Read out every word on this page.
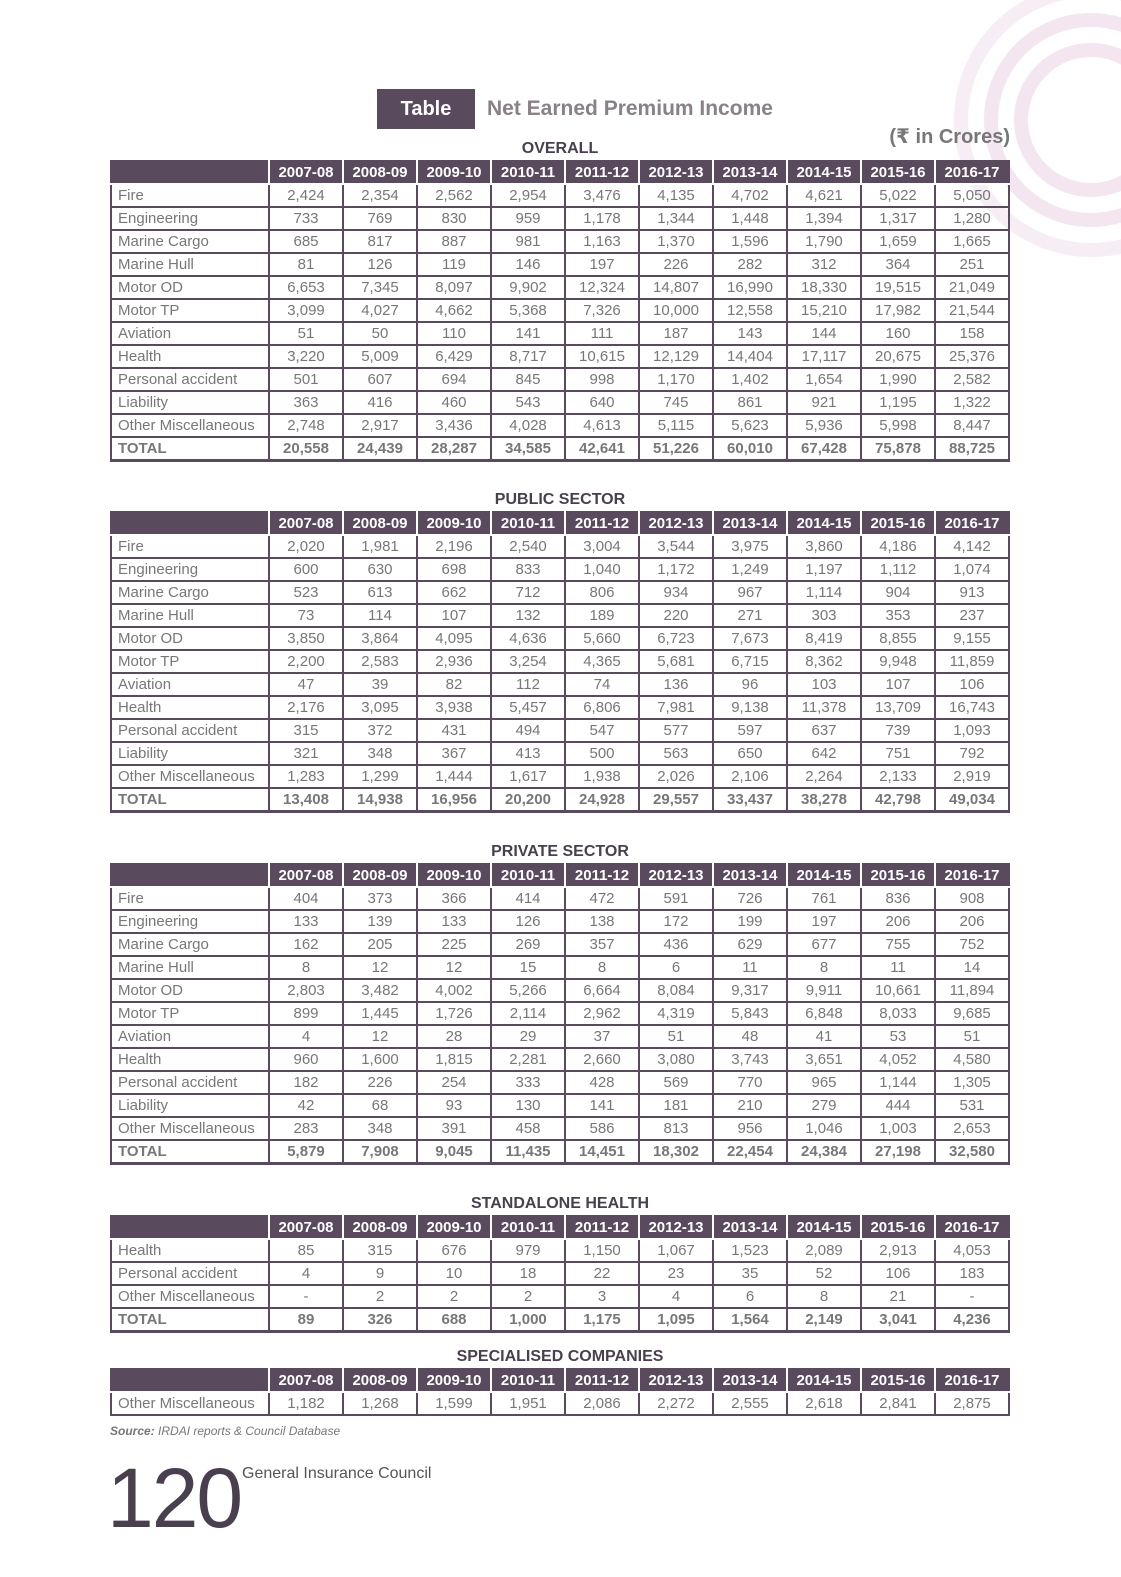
Table 11
Net Earned Premium Income
(₹ in Crores)
OVERALL
	2007-08	2008-09	2009-10	2010-11	2011-12	2012-13	2013-14	2014-15	2015-16	2016-17
Fire	2,424	2,354	2,562	2,954	3,476	4,135	4,702	4,621	5,022	5,050
Engineering	733	769	830	959	1,178	1,344	1,448	1,394	1,317	1,280
Marine Cargo	685	817	887	981	1,163	1,370	1,596	1,790	1,659	1,665
Marine Hull	81	126	119	146	197	226	282	312	364	251
Motor OD	6,653	7,345	8,097	9,902	12,324	14,807	16,990	18,330	19,515	21,049
Motor TP	3,099	4,027	4,662	5,368	7,326	10,000	12,558	15,210	17,982	21,544
Aviation	51	50	110	141	111	187	143	144	160	158
Health	3,220	5,009	6,429	8,717	10,615	12,129	14,404	17,117	20,675	25,376
Personal accident	501	607	694	845	998	1,170	1,402	1,654	1,990	2,582
Liability	363	416	460	543	640	745	861	921	1,195	1,322
Other Miscellaneous	2,748	2,917	3,436	4,028	4,613	5,115	5,623	5,936	5,998	8,447
TOTAL	20,558	24,439	28,287	34,585	42,641	51,226	60,010	67,428	75,878	88,725
PUBLIC SECTOR
	2007-08	2008-09	2009-10	2010-11	2011-12	2012-13	2013-14	2014-15	2015-16	2016-17
Fire	2,020	1,981	2,196	2,540	3,004	3,544	3,975	3,860	4,186	4,142
Engineering	600	630	698	833	1,040	1,172	1,249	1,197	1,112	1,074
Marine Cargo	523	613	662	712	806	934	967	1,114	904	913
Marine Hull	73	114	107	132	189	220	271	303	353	237
Motor OD	3,850	3,864	4,095	4,636	5,660	6,723	7,673	8,419	8,855	9,155
Motor TP	2,200	2,583	2,936	3,254	4,365	5,681	6,715	8,362	9,948	11,859
Aviation	47	39	82	112	74	136	96	103	107	106
Health	2,176	3,095	3,938	5,457	6,806	7,981	9,138	11,378	13,709	16,743
Personal accident	315	372	431	494	547	577	597	637	739	1,093
Liability	321	348	367	413	500	563	650	642	751	792
Other Miscellaneous	1,283	1,299	1,444	1,617	1,938	2,026	2,106	2,264	2,133	2,919
TOTAL	13,408	14,938	16,956	20,200	24,928	29,557	33,437	38,278	42,798	49,034
PRIVATE SECTOR
	2007-08	2008-09	2009-10	2010-11	2011-12	2012-13	2013-14	2014-15	2015-16	2016-17
Fire	404	373	366	414	472	591	726	761	836	908
Engineering	133	139	133	126	138	172	199	197	206	206
Marine Cargo	162	205	225	269	357	436	629	677	755	752
Marine Hull	8	12	12	15	8	6	11	8	11	14
Motor OD	2,803	3,482	4,002	5,266	6,664	8,084	9,317	9,911	10,661	11,894
Motor TP	899	1,445	1,726	2,114	2,962	4,319	5,843	6,848	8,033	9,685
Aviation	4	12	28	29	37	51	48	41	53	51
Health	960	1,600	1,815	2,281	2,660	3,080	3,743	3,651	4,052	4,580
Personal accident	182	226	254	333	428	569	770	965	1,144	1,305
Liability	42	68	93	130	141	181	210	279	444	531
Other Miscellaneous	283	348	391	458	586	813	956	1,046	1,003	2,653
TOTAL	5,879	7,908	9,045	11,435	14,451	18,302	22,454	24,384	27,198	32,580
STANDALONE HEALTH
	2007-08	2008-09	2009-10	2010-11	2011-12	2012-13	2013-14	2014-15	2015-16	2016-17
Health	85	315	676	979	1,150	1,067	1,523	2,089	2,913	4,053
Personal accident	4	9	10	18	22	23	35	52	106	183
Other Miscellaneous	-	2	2	2	3	4	6	8	21	-
TOTAL	89	326	688	1,000	1,175	1,095	1,564	2,149	3,041	4,236
SPECIALISED COMPANIES
	2007-08	2008-09	2009-10	2010-11	2011-12	2012-13	2013-14	2014-15	2015-16	2016-17
Other Miscellaneous	1,182	1,268	1,599	1,951	2,086	2,272	2,555	2,618	2,841	2,875
Source: IRDAI reports & Council Database
120 General Insurance Council
